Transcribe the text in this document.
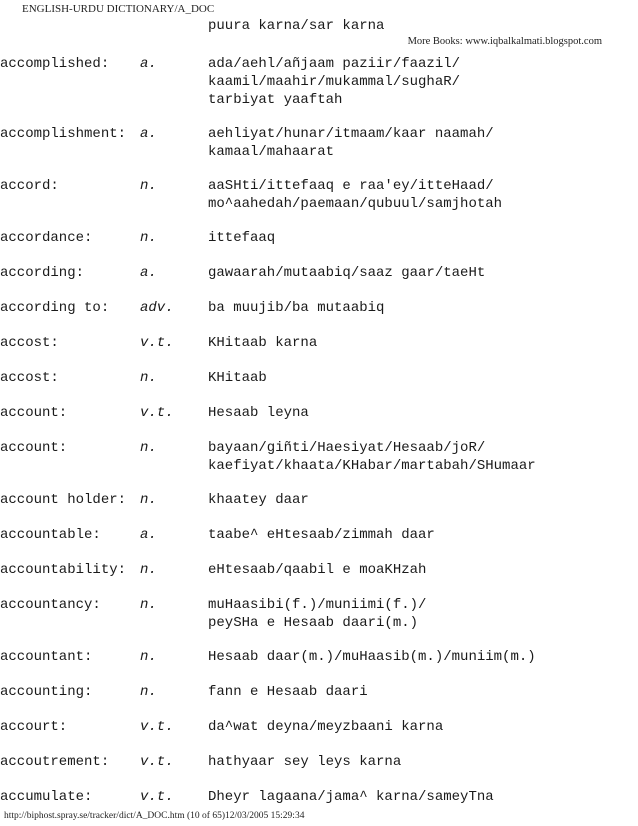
ENGLISH-URDU DICTIONARY/A_DOC
puura karna/sar karna
More Books: www.iqbalkalmati.blogspot.com
accomplished: a.	ada/aehl/añjaam paziir/faazil/
kaamil/maahir/mukammal/sughaR/
tarbiyat yaaftah
accomplishment: a.	aehliyat/hunar/itmaam/kaar naamah/
kamaal/mahaarat
accord:	n.	aaSHti/ittefaaq e raa'ey/itteHaad/
mo^aahedah/paemaan/qubuul/samjhotah
accordance:	n.	ittefaaq
according:	a.	gawaarah/mutaabiq/saaz gaar/taeHt
according to: adv. ba muujib/ba mutaabiq
accost:	v.t. KHitaab karna
accost:	n.	KHitaab
account:	v.t. Hesaab leyna
account:	n.	bayaan/giñti/Haesiyat/Hesaab/joR/
kaefiyat/khaata/KHabar/martabah/SHumaar
account holder: n.	khaatey daar
accountable:	a.	taabe^ eHtesaab/zimmah daar
accountability: n.	eHtesaab/qaabil e moaKHzah
accountancy:	n.	muHaasibi(f.)/muniimi(f.)/
peySHa e Hesaab daari(m.)
accountant:	n.	Hesaab daar(m.)/muHaasib(m.)/muniim(m.)
accounting:	n.	fann e Hesaab daari
accourt:	v.t. da^wat deyna/meyzbaani karna
accoutrement: v.t. hathyaar sey leys karna
accumulate:	v.t. Dheyr lagaana/jama^ karna/sameyTna
http://biphost.spray.se/tracker/dict/A_DOC.htm (10 of 65)12/03/2005 15:29:34
